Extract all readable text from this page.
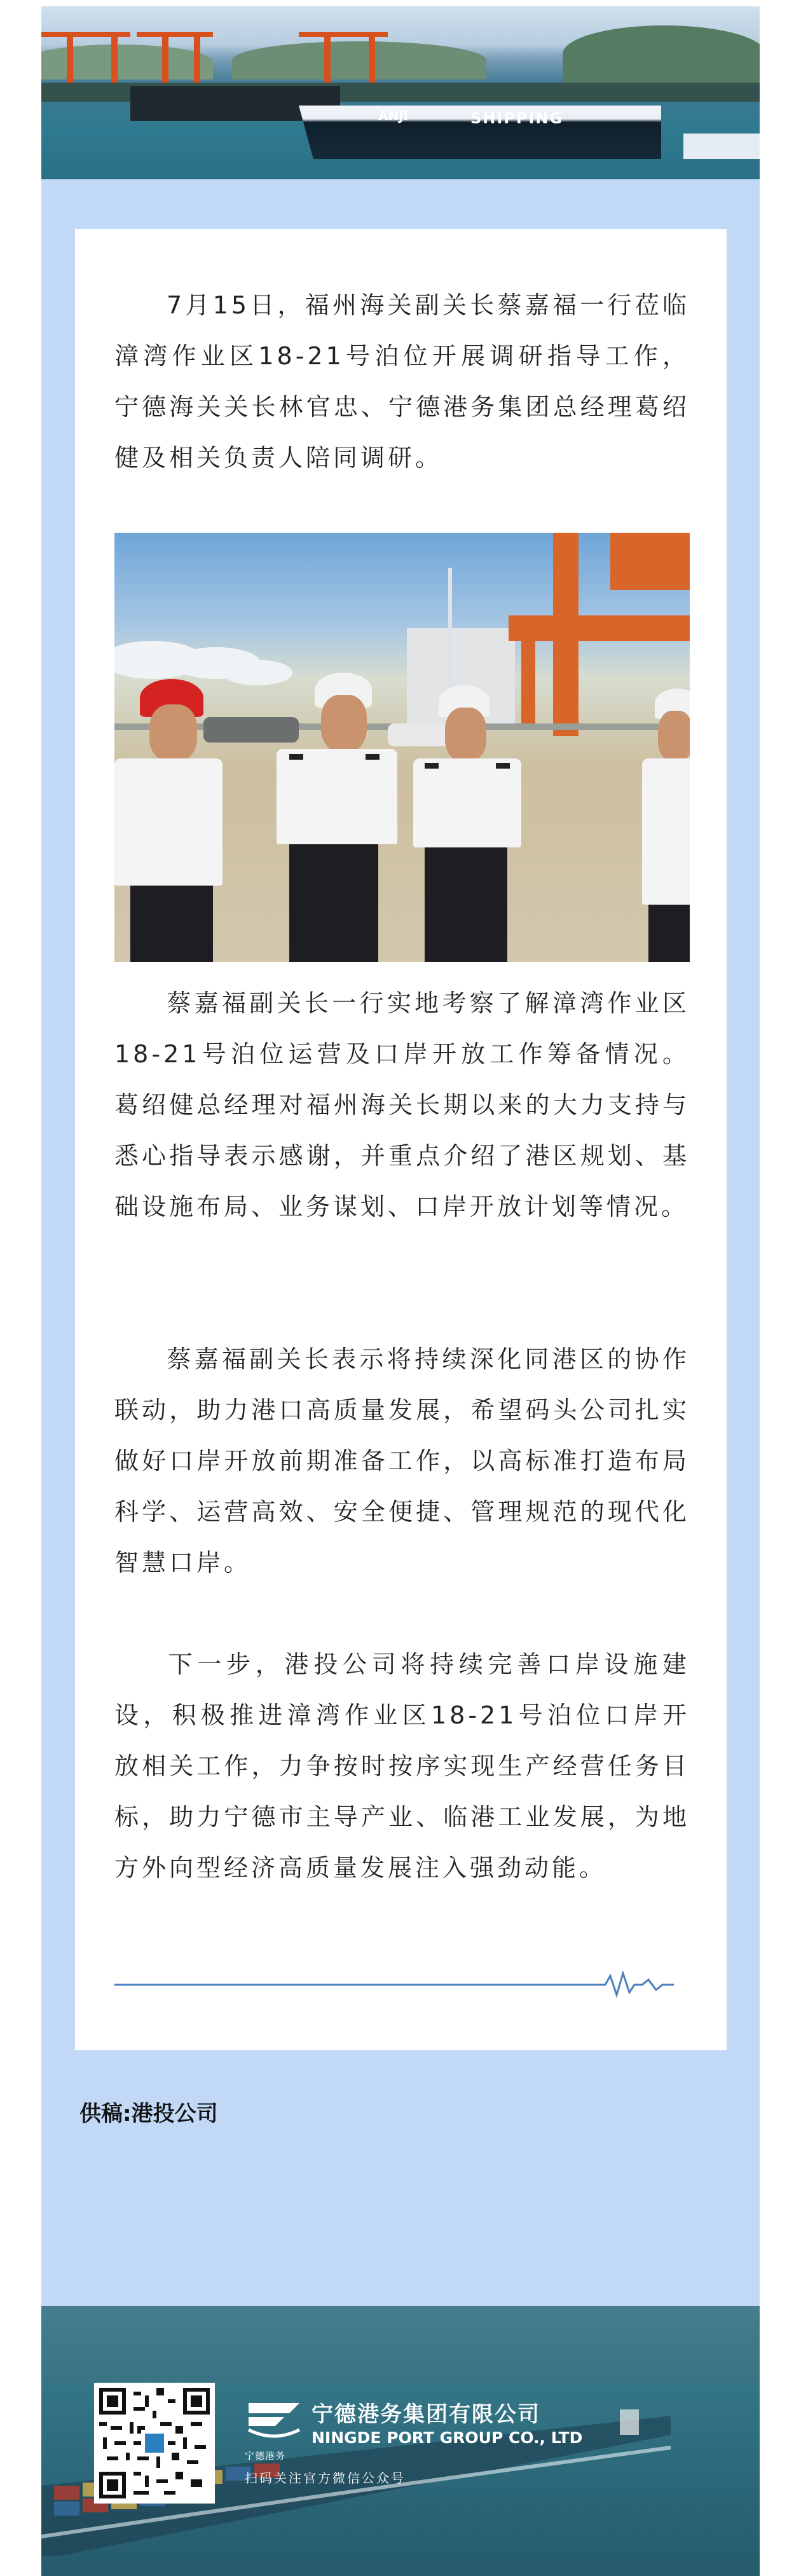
ANJI	SHIPPING

7月15日，福州海关副关长蔡嘉福一行莅临漳湾作业区18-21号泊位开展调研指导工作，宁德海关关长林官忠、宁德港务集团总经理葛绍健及相关负责人陪同调研。

蔡嘉福副关长一行实地考察了解漳湾作业区18-21号泊位运营及口岸开放工作筹备情况。葛绍健总经理对福州海关长期以来的大力支持与悉心指导表示感谢，并重点介绍了港区规划、基础设施布局、业务谋划、口岸开放计划等情况。

蔡嘉福副关长表示将持续深化同港区的协作联动，助力港口高质量发展，希望码头公司扎实做好口岸开放前期准备工作，以高标准打造布局科学、运营高效、安全便捷、管理规范的现代化智慧口岸。

下一步，港投公司将持续完善口岸设施建设，积极推进漳湾作业区18-21号泊位口岸开放相关工作，力争按时按序实现生产经营任务目标，助力宁德市主导产业、临港工业发展，为地方外向型经济高质量发展注入强劲动能。

供稿:港投公司
宁德港务
宁德港务集团有限公司
NINGDE PORT GROUP CO., LTD
扫码关注官方微信公众号
